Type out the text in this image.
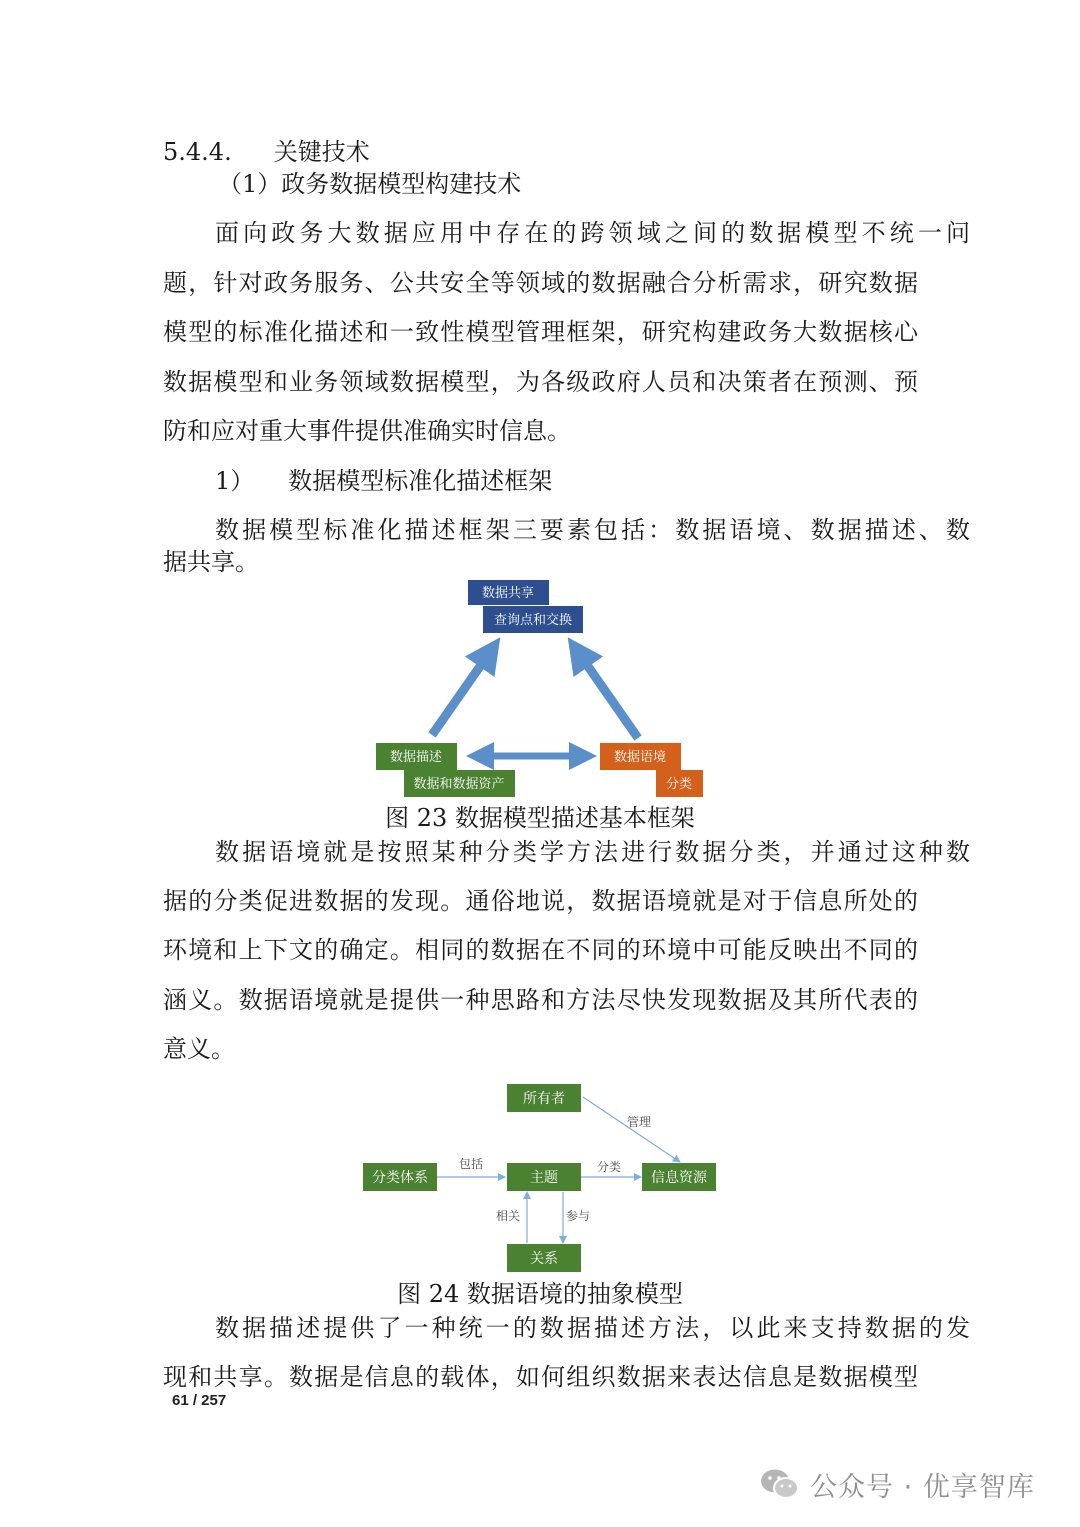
5.4.4. 关键技术
（1）政务数据模型构建技术
面向政务大数据应用中存在的跨领域之间的数据模型不统一问
题，针对政务服务、公共安全等领域的数据融合分析需求，研究数据
模型的标准化描述和一致性模型管理框架，研究构建政务大数据核心
数据模型和业务领域数据模型，为各级政府人员和决策者在预测、预
防和应对重大事件提供准确实时信息。
1） 数据模型标准化描述框架
数据模型标准化描述框架三要素包括：数据语境、数据描述、数
据共享。
数据共享
查询点和交换
数据描述
数据和数据资产
数据语境
分类
管理
包括	分类
相关	参与
所有者
分类体系	主题	信息资源
关系
图 23 数据模型描述基本框架
数据语境就是按照某种分类学方法进行数据分类，并通过这种数
据的分类促进数据的发现。通俗地说，数据语境就是对于信息所处的
环境和上下文的确定。相同的数据在不同的环境中可能反映出不同的
涵义。数据语境就是提供一种思路和方法尽快发现数据及其所代表的
意义。
图 24 数据语境的抽象模型
数据描述提供了一种统一的数据描述方法，以此来支持数据的发
现和共享。数据是信息的载体，如何组织数据来表达信息是数据模型
61 / 257
公众号 · 优享智库
